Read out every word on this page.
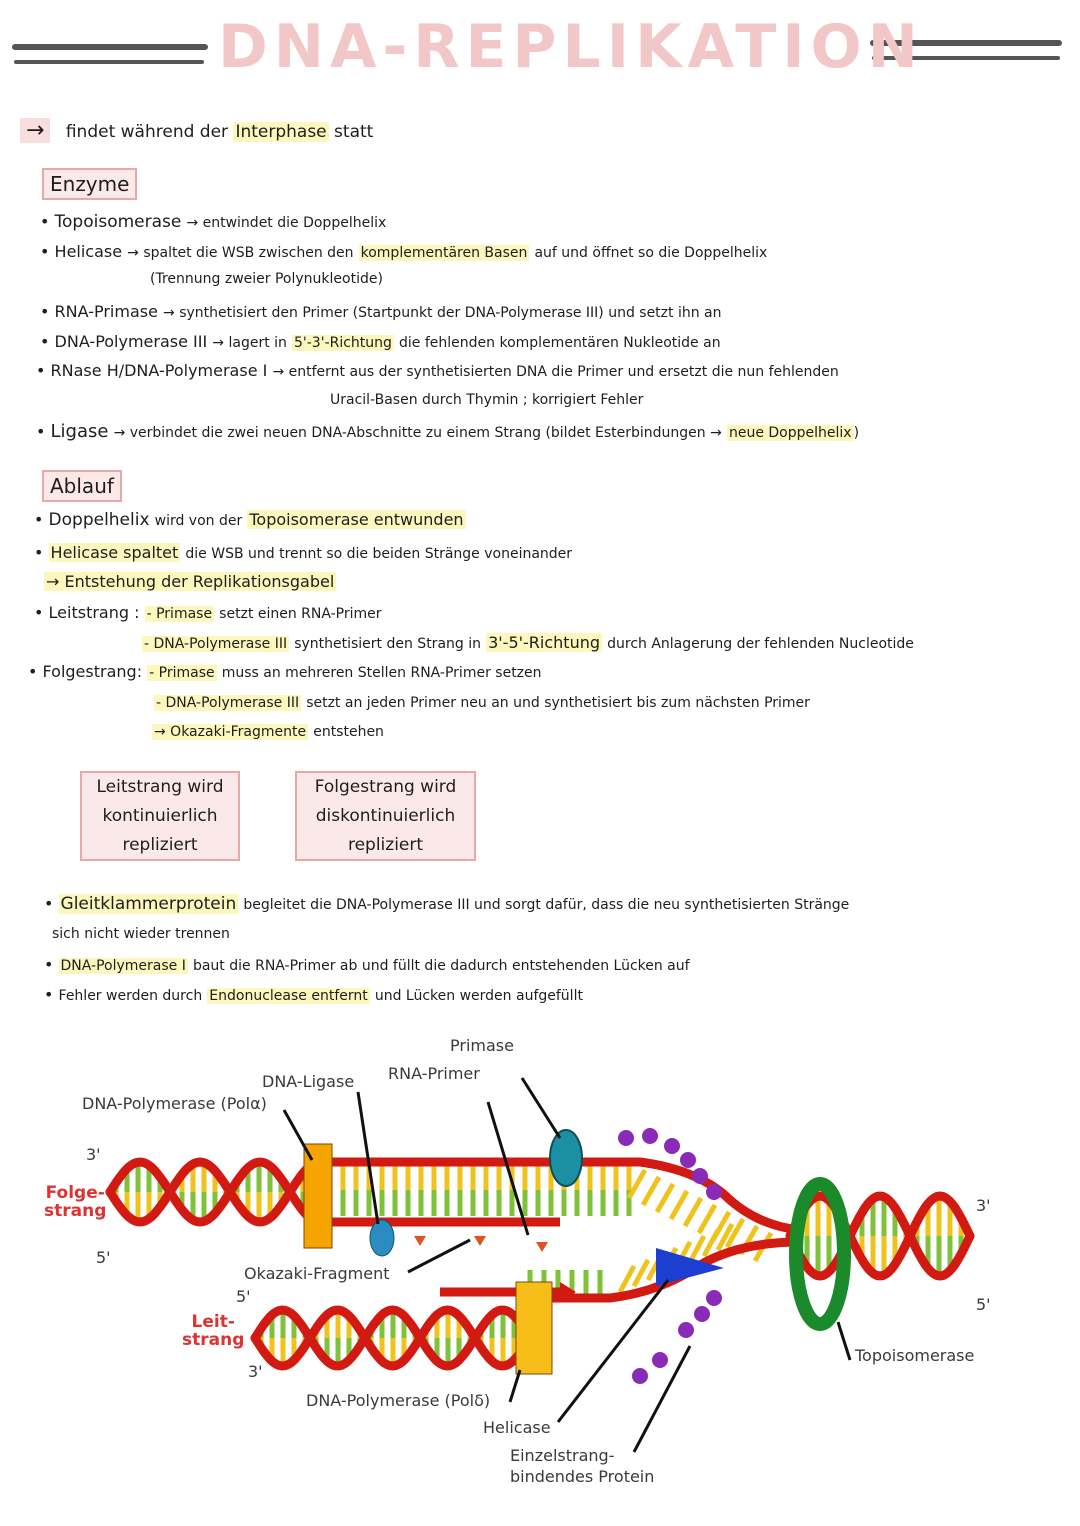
DNA-REPLIKATION
→ findet während der Interphase statt
Enzyme
• Topoisomerase → entwindet die Doppelhelix
• Helicase → spaltet die WSB zwischen den komplementären Basen auf und öffnet so die Doppelhelix
(Trennung zweier Polynukleotide)
• RNA-Primase → synthetisiert den Primer (Startpunkt der DNA-Polymerase III) und setzt ihn an
• DNA-Polymerase III → lagert in 5'-3'-Richtung die fehlenden komplementären Nukleotide an
• RNase H/DNA-Polymerase I → entfernt aus der synthetisierten DNA die Primer und ersetzt die nun fehlenden
Uracil-Basen durch Thymin ; korrigiert Fehler
• Ligase → verbindet die zwei neuen DNA-Abschnitte zu einem Strang (bildet Esterbindungen → neue Doppelhelix )
Ablauf
• Doppelhelix wird von der Topoisomerase entwunden
• Helicase spaltet die WSB und trennt so die beiden Stränge voneinander
→ Entstehung der Replikationsgabel
• Leitstrang : - Primase setzt einen RNA-Primer
- DNA-Polymerase III synthetisiert den Strang in 3'-5'-Richtung durch Anlagerung der fehlenden Nucleotide
• Folgestrang: - Primase muss an mehreren Stellen RNA-Primer setzen
- DNA-Polymerase III setzt an jeden Primer neu an und synthetisiert bis zum nächsten Primer
→ Okazaki-Fragmente entstehen
Leitstrang wird
kontinuierlich
repliziert
Folgestrang wird
diskontinuierlich
repliziert
• Gleitklammerprotein begleitet die DNA-Polymerase III und sorgt dafür, dass die neu synthetisierten Stränge
sich nicht wieder trennen
• DNA-Polymerase I baut die RNA-Primer ab und füllt die dadurch entstehenden Lücken auf
• Fehler werden durch Endonuclease entfernt und Lücken werden aufgefüllt
Primase
RNA-Primer
DNA-Ligase
DNA-Polymerase (Polα)
Okazaki-Fragment
DNA-Polymerase (Polδ)
Helicase
Einzelstrang-
bindendes Protein
Topoisomerase
Folge-
strang
Leit-
strang
3'
5'
5'
3'
3'
5'
